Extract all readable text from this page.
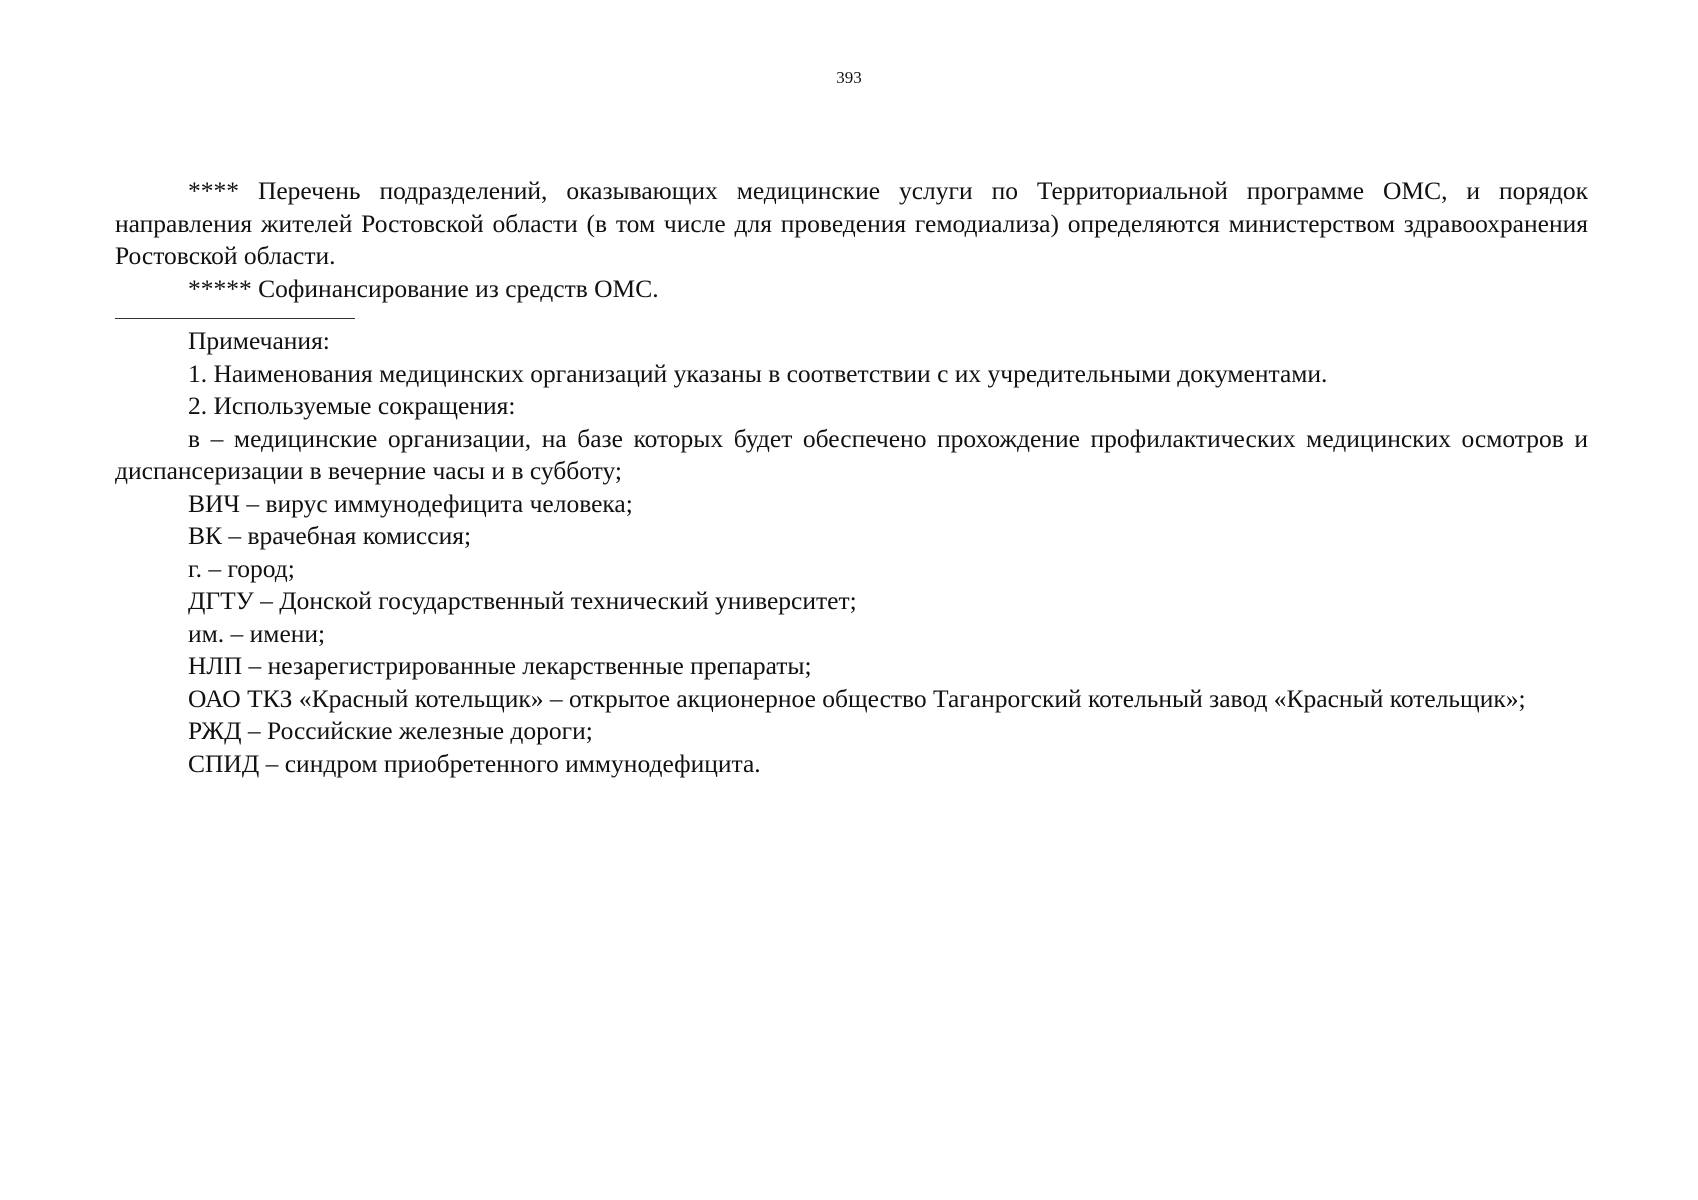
393

**** Перечень подразделений, оказывающих медицинские услуги по Территориальной программе ОМС, и порядок направления жителей Ростовской области (в том числе для проведения гемодиализа) определяются министерством здравоохранения Ростовской области.

***** Софинансирование из средств ОМС.

Примечания:

1. Наименования медицинских организаций указаны в соответствии с их учредительными документами.

2. Используемые сокращения:

в – медицинские организации, на базе которых будет обеспечено прохождение профилактических медицинских осмотров и диспансеризации в вечерние часы и в субботу;

ВИЧ – вирус иммунодефицита человека;

ВК – врачебная комиссия;

г. – город;

ДГТУ – Донской государственный технический университет;

им. – имени;

НЛП – незарегистрированные лекарственные препараты;

ОАО ТКЗ «Красный котельщик» – открытое акционерное общество Таганрогский котельный завод «Красный котельщик»;

РЖД – Российские железные дороги;

СПИД – синдром приобретенного иммунодефицита.
